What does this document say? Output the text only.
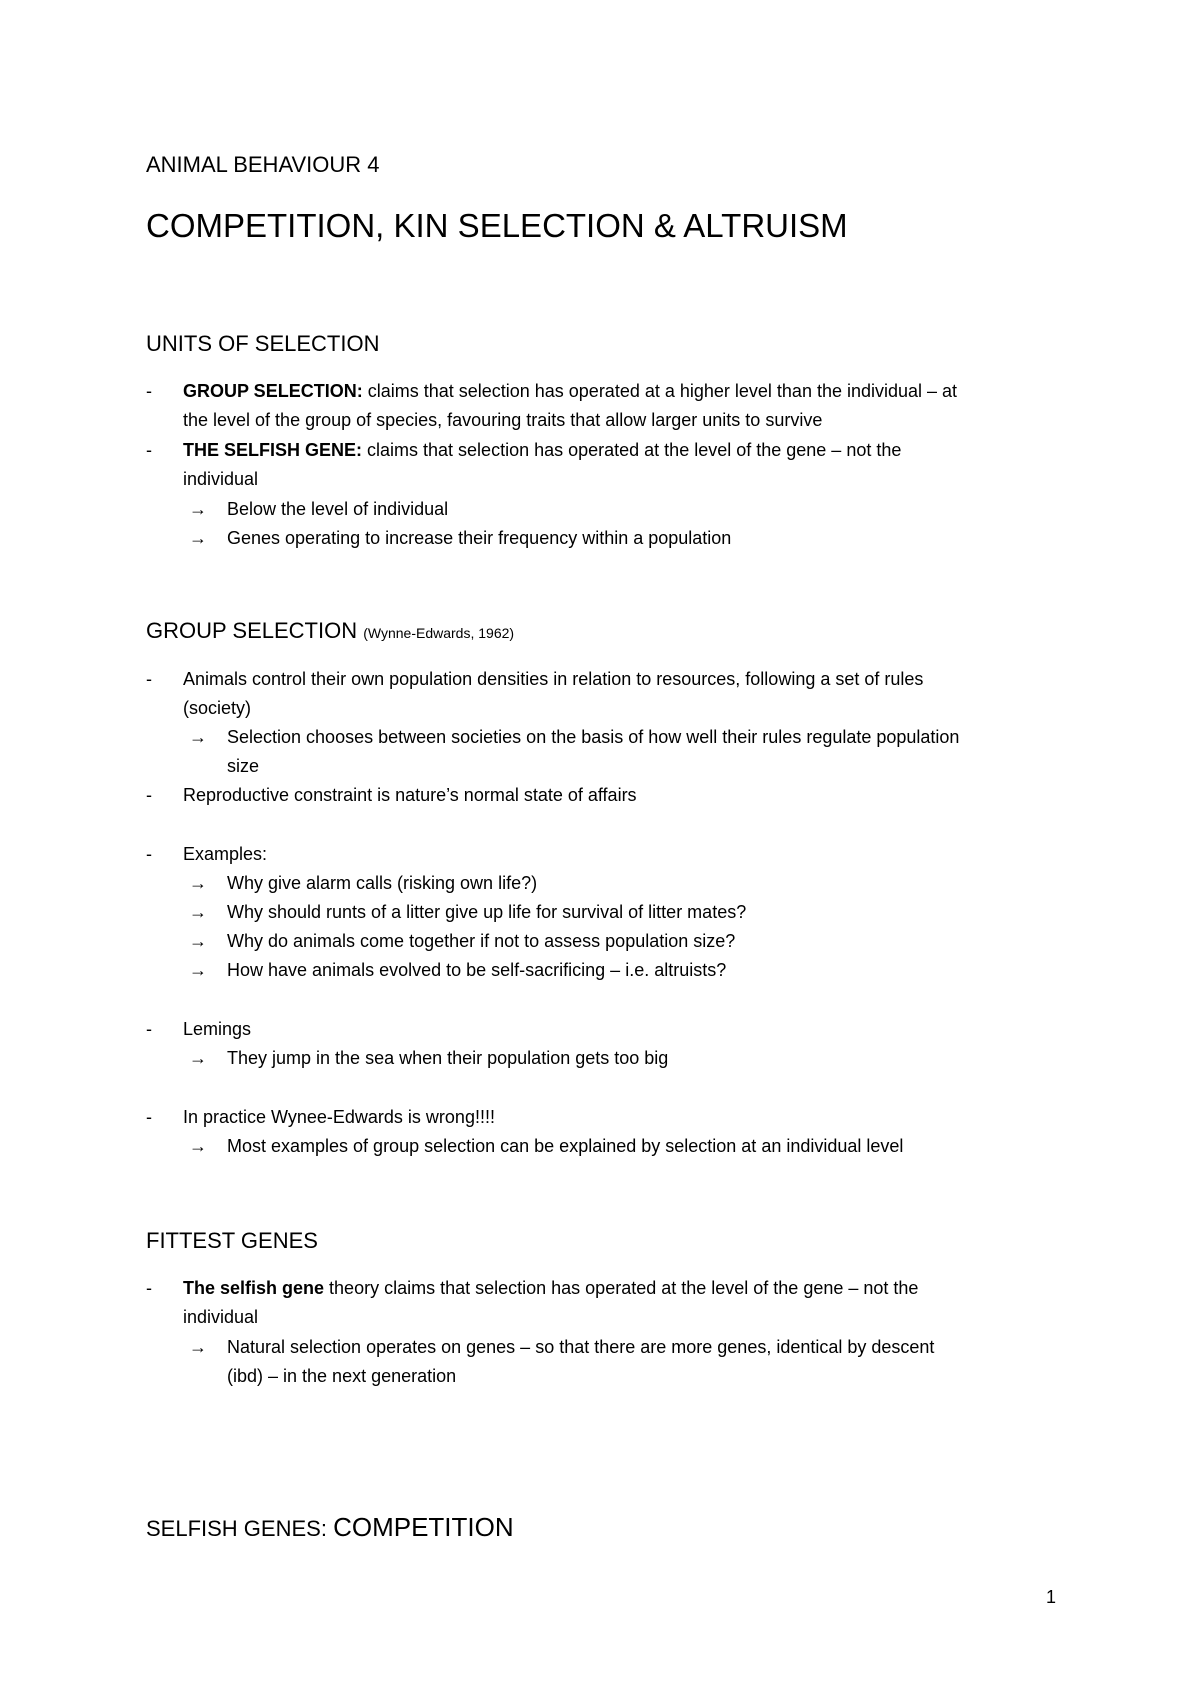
ANIMAL BEHAVIOUR 4
COMPETITION, KIN SELECTION & ALTRUISM
UNITS OF SELECTION
- GROUP SELECTION: claims that selection has operated at a higher level than the individual – at
the level of the group of species, favouring traits that allow larger units to survive
- THE SELFISH GENE: claims that selection has operated at the level of the gene – not the
individual
→ Below the level of individual
→ Genes operating to increase their frequency within a population
GROUP SELECTION (Wynne-Edwards, 1962)
- Animals control their own population densities in relation to resources, following a set of rules
(society)
→ Selection chooses between societies on the basis of how well their rules regulate population
size
- Reproductive constraint is nature’s normal state of affairs
- Examples:
→ Why give alarm calls (risking own life?)
→ Why should runts of a litter give up life for survival of litter mates?
→ Why do animals come together if not to assess population size?
→ How have animals evolved to be self-sacrificing – i.e. altruists?
- Lemings
→ They jump in the sea when their population gets too big
- In practice Wynee-Edwards is wrong!!!!
→ Most examples of group selection can be explained by selection at an individual level
FITTEST GENES
- The selfish gene theory claims that selection has operated at the level of the gene – not the
individual
→ Natural selection operates on genes – so that there are more genes, identical by descent
(ibd) – in the next generation
SELFISH GENES: COMPETITION
1
